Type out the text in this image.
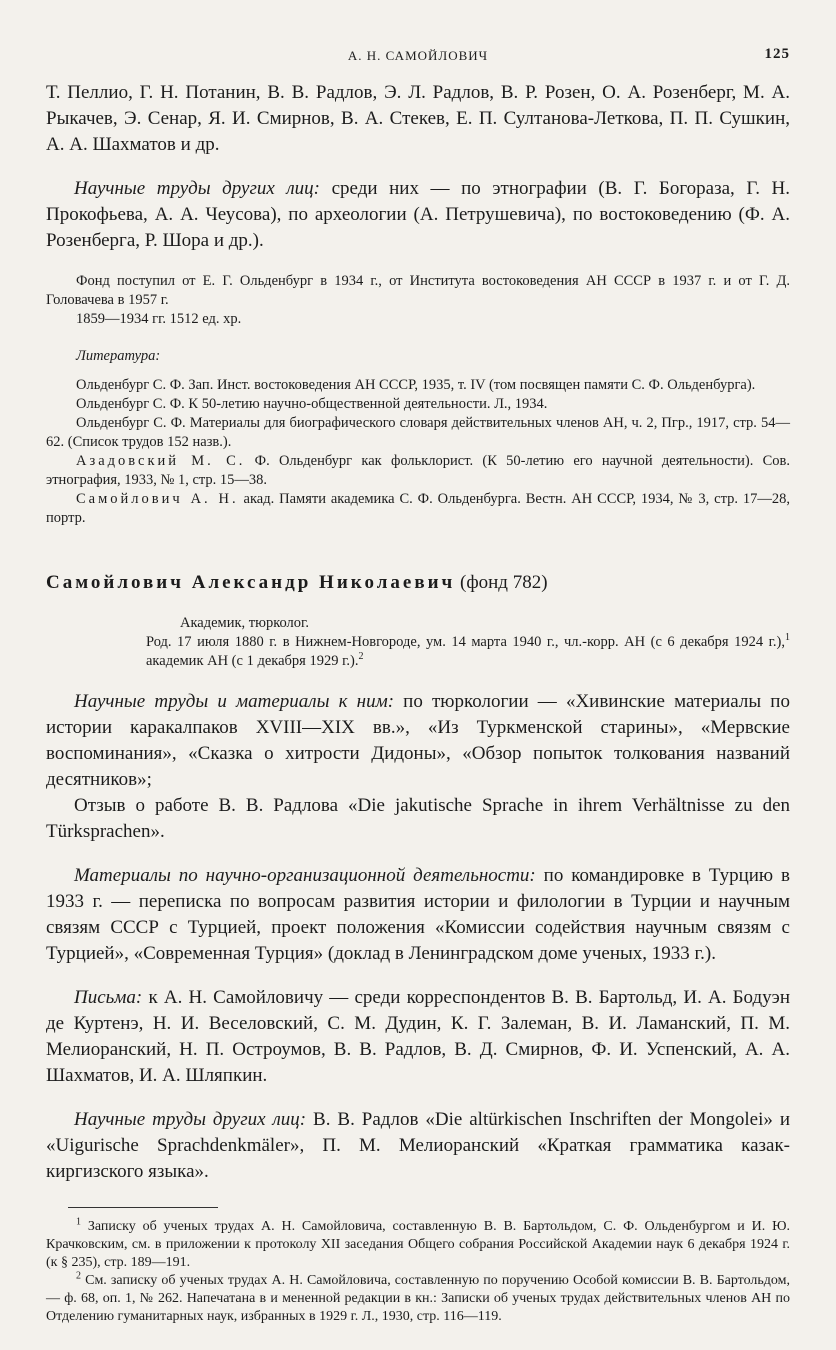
А. Н. САМОЙЛОВИЧ	125

Т. Пеллио, Г. Н. Потанин, В. В. Радлов, Э. Л. Радлов, В. Р. Розен, О. А. Розенберг, М. А. Рыкачев, Э. Сенар, Я. И. Смирнов, В. А. Стекев, Е. П. Султанова-Леткова, П. П. Сушкин, А. А. Шахматов и др.

Научные труды других лиц: среди них — по этнографии (В. Г. Богораза, Г. Н. Прокофьева, А. А. Чеусова), по археологии (А. Петрушевича), по востоковедению (Ф. А. Розенберга, Р. Шора и др.).

Фонд поступил от Е. Г. Ольденбург в 1934 г., от Института востоковедения АН СССР в 1937 г. и от Г. Д. Головачева в 1957 г.

1859—1934 гг. 1512 ед. хр.

Литература:

Ольденбург С. Ф. Зап. Инст. востоковедения АН СССР, 1935, т. IV (том посвящен памяти С. Ф. Ольденбурга).

Ольденбург С. Ф. К 50-летию научно-общественной деятельности. Л., 1934.

Ольденбург С. Ф. Материалы для биографического словаря действительных членов АН, ч. 2, Пгр., 1917, стр. 54—62. (Список трудов 152 назв.).

Азадовский М. С. Ф. Ольденбург как фольклорист. (К 50-летию его научной деятельности). Сов. этнография, 1933, № 1, стр. 15—38.

Самойлович А. Н. акад. Памяти академика С. Ф. Ольденбурга. Вестн. АН СССР, 1934, № 3, стр. 17—28, портр.

Самойлович Александр Николаевич (фонд 782)

Академик, тюрколог.

Род. 17 июля 1880 г. в Нижнем-Новгороде, ум. 14 марта 1940 г., чл.-корр. АН (с 6 декабря 1924 г.),$^1$ академик АН (с 1 декабря 1929 г.).$^2$

Научные труды и материалы к ним: по тюркологии — «Хивинские материалы по истории каракалпаков XVIII—XIX вв.», «Из Туркменской старины», «Мервские воспоминания», «Сказка о хитрости Дидоны», «Обзор попыток толкования названий десятников»;

Отзыв о работе В. В. Радлова «Die jakutische Sprache in ihrem Verhältnisse zu den Türksprachen».

Материалы по научно-организационной деятельности: по командировке в Турцию в 1933 г. — переписка по вопросам развития истории и филологии в Турции и научным связям СССР с Турцией, проект положения «Комиссии содействия научным связям с Турцией», «Современная Турция» (доклад в Ленинградском доме ученых, 1933 г.).

Письма: к А. Н. Самойловичу — среди корреспондентов В. В. Бартольд, И. А. Бодуэн де Куртенэ, Н. И. Веселовский, С. М. Дудин, К. Г. Залеман, В. И. Ламанский, П. М. Мелиоранский, Н. П. Остроумов, В. В. Радлов, В. Д. Смирнов, Ф. И. Успенский, А. А. Шахматов, И. А. Шляпкин.

Научные труды других лиц: В. В. Радлов «Die altürkischen Inschriften der Mongolei» и «Uigurische Sprachdenkmäler», П. М. Мелиоранский «Краткая грамматика казак-киргизского языка».

$^1$ Записку об ученых трудах А. Н. Самойловича, составленную В. В. Бартольдом, С. Ф. Ольденбургом и И. Ю. Крачковским, см. в приложении к протоколу XII заседания Общего собрания Российской Академии наук 6 декабря 1924 г. (к § 235), стр. 189—191.

$^2$ См. записку об ученых трудах А. Н. Самойловича, составленную по поручению Особой комиссии В. В. Бартольдом, — ф. 68, оп. 1, № 262. Напечатана в и мененной редакции в кн.: Записки об ученых трудах действительных членов АН по Отделению гуманитарных наук, избранных в 1929 г. Л., 1930, стр. 116—119.
